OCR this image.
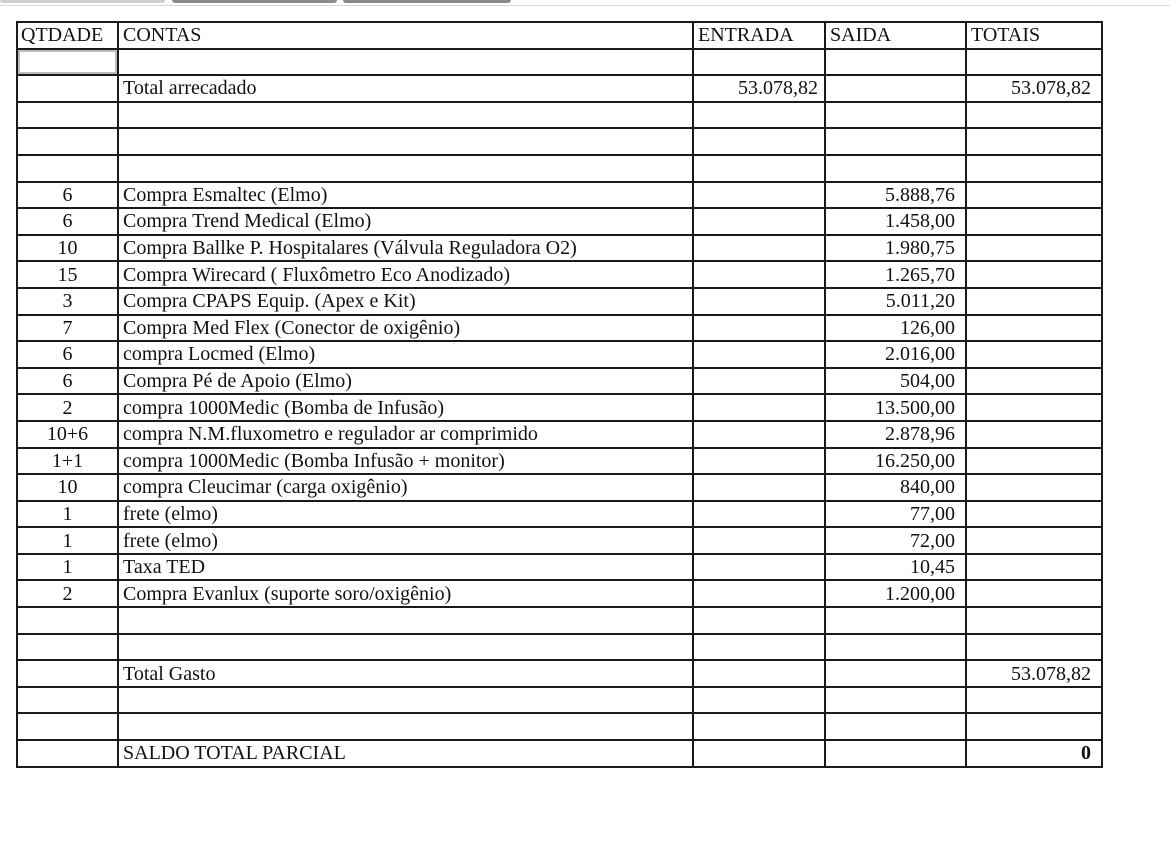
QTDADE	CONTAS	ENTRADA	SAIDA	TOTAIS

	Total arrecadado	53.078,82		53.078,82

6	Compra Esmaltec (Elmo)		5.888,76	
6	Compra Trend Medical (Elmo)		1.458,00	
10	Compra Ballke P. Hospitalares (Válvula Reguladora O2)		1.980,75	
15	Compra Wirecard ( Fluxômetro Eco Anodizado)		1.265,70	
3	Compra CPAPS Equip. (Apex e Kit)		5.011,20	
7	Compra Med Flex (Conector de oxigênio)		126,00	
6	compra Locmed (Elmo)		2.016,00	
6	Compra Pé de Apoio (Elmo)		504,00	
2	compra 1000Medic (Bomba de Infusão)		13.500,00	
10+6	compra N.M.fluxometro e regulador ar comprimido		2.878,96	
1+1	compra 1000Medic (Bomba Infusão + monitor)		16.250,00	
10	compra Cleucimar (carga oxigênio)		840,00	
1	frete (elmo)		77,00	
1	frete (elmo)		72,00	
1	Taxa TED		10,45	
2	Compra Evanlux (suporte soro/oxigênio)		1.200,00	

	Total Gasto			53.078,82

	SALDO TOTAL PARCIAL			0
